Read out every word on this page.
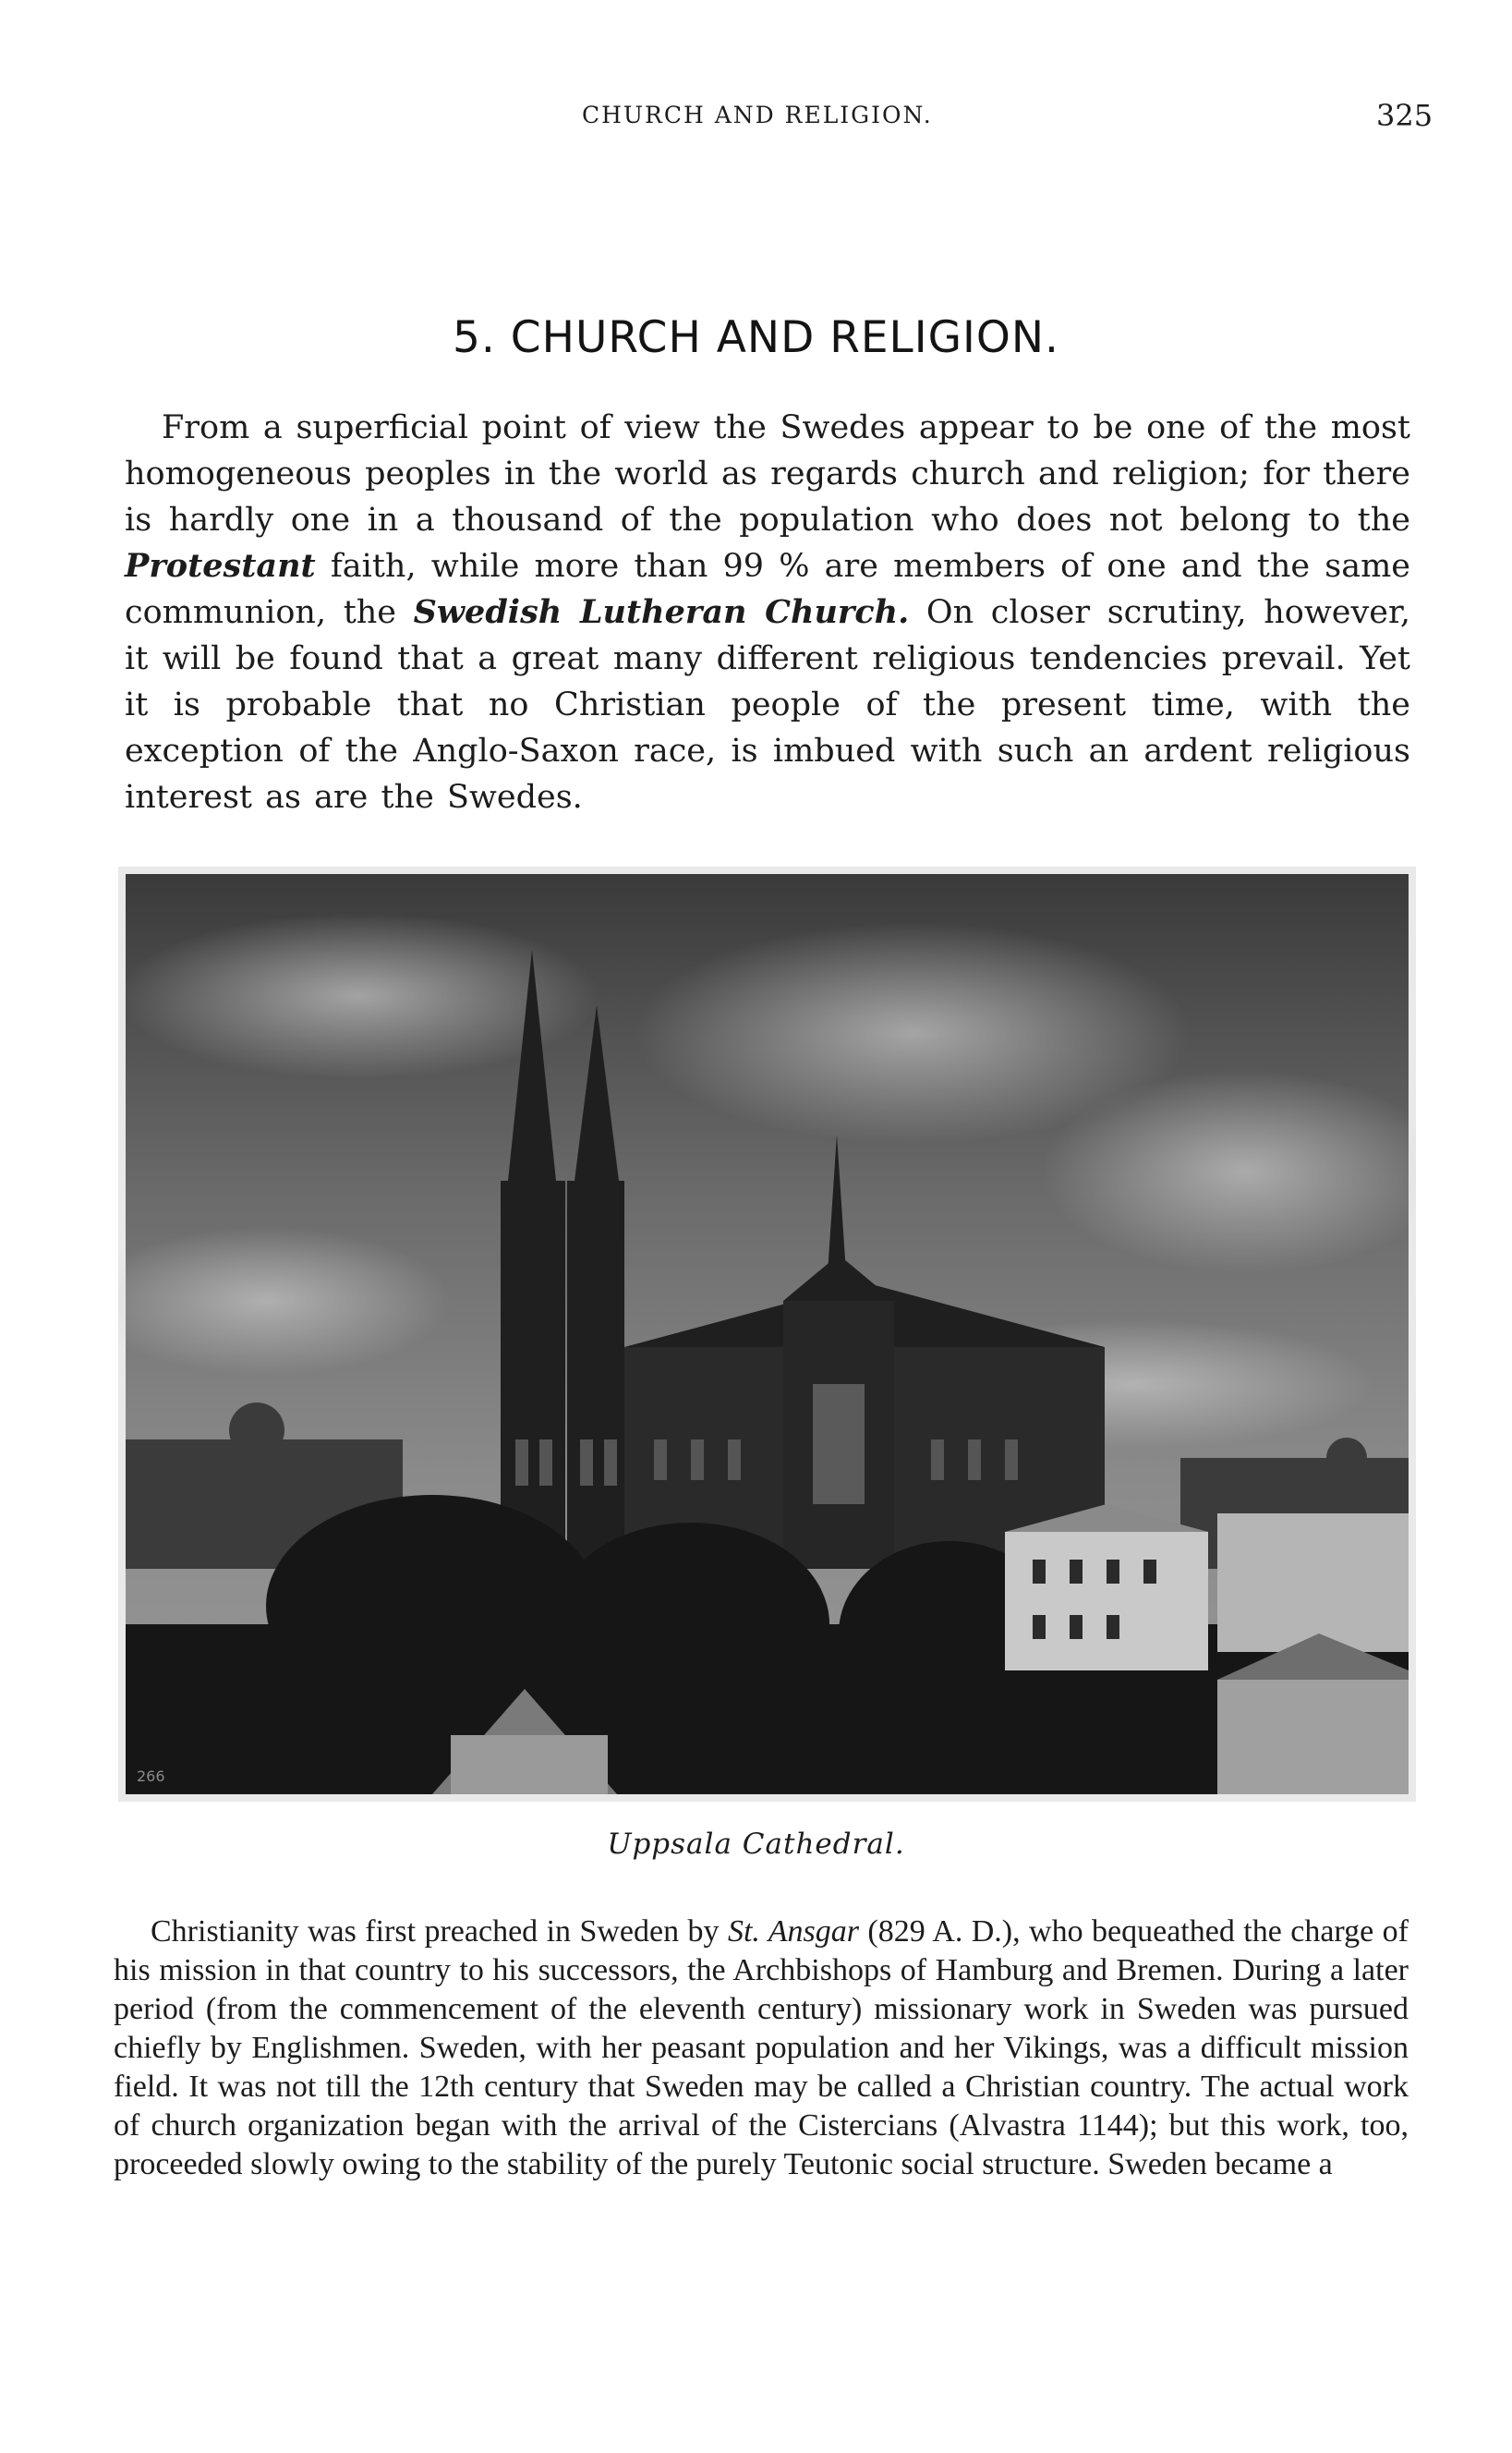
CHURCH AND RELIGION.	325
5. CHURCH AND RELIGION.

From a superficial point of view the Swedes appear to be one of the most homogeneous peoples in the world as regards church and religion; for there is hardly one in a thousand of the population who does not belong to the Protestant faith, while more than 99 % are members of one and the same communion, the Swedish Lutheran Church. On closer scrutiny, however, it will be found that a great many different religious tendencies prevail. Yet it is probable that no Christian people of the present time, with the exception of the Anglo-Saxon race, is imbued with such an ardent religious interest as are the Swedes.

266
Uppsala Cathedral.

Christianity was first preached in Sweden by St. Ansgar (829 A. D.), who bequeathed the charge of his mission in that country to his successors, the Archbishops of Hamburg and Bremen. During a later period (from the commencement of the eleventh century) missionary work in Sweden was pursued chiefly by Englishmen. Sweden, with her peasant population and her Vikings, was a difficult mission field. It was not till the 12th century that Sweden may be called a Christian country. The actual work of church organization began with the arrival of the Cistercians (Alvastra 1144); but this work, too, proceeded slowly owing to the stability of the purely Teutonic social structure. Sweden became a
